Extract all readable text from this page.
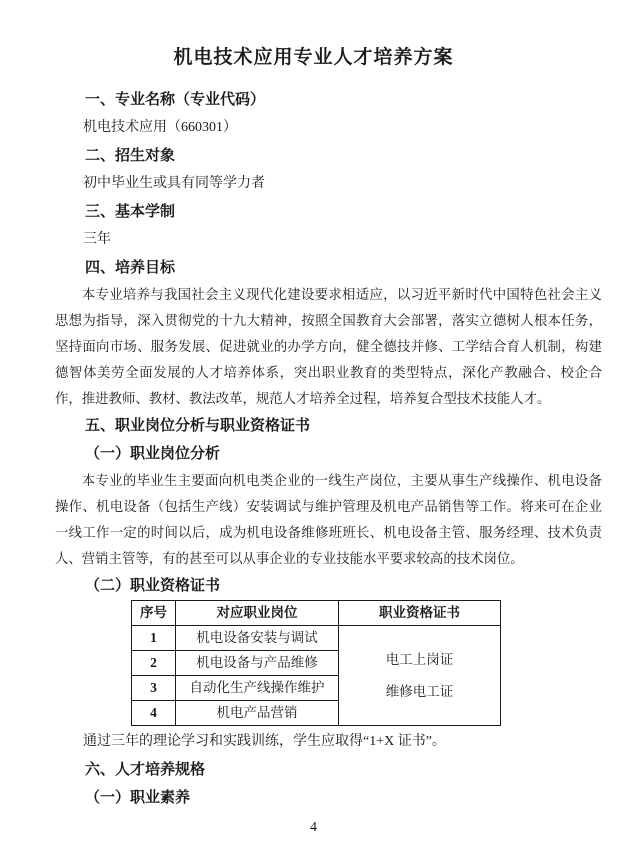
机电技术应用专业人才培养方案
一、专业名称（专业代码）

机电技术应用（660301）

二、招生对象

初中毕业生或具有同等学力者

三、基本学制

三年

四、培养目标

本专业培养与我国社会主义现代化建设要求相适应，以习近平新时代中国特色社会主义思想为指导，深入贯彻党的十九大精神，按照全国教育大会部署，落实立德树人根本任务，坚持面向市场、服务发展、促进就业的办学方向，健全德技并修、工学结合育人机制，构建德智体美劳全面发展的人才培养体系，突出职业教育的类型特点，深化产教融合、校企合作，推进教师、教材、教法改革，规范人才培养全过程，培养复合型技术技能人才。

五、职业岗位分析与职业资格证书
（一）职业岗位分析

本专业的毕业生主要面向机电类企业的一线生产岗位，主要从事生产线操作、机电设备操作、机电设备（包括生产线）安装调试与维护管理及机电产品销售等工作。将来可在企业一线工作一定的时间以后，成为机电设备维修班班长、机电设备主管、服务经理、技术负责人、营销主管等，有的甚至可以从事企业的专业技能水平要求较高的技术岗位。

（二）职业资格证书
序号	对应职业岗位	职业资格证书
1	机电设备安装与调试	电工上岗证
维修电工证

2	机电设备与产品维修	
3	自动化生产线操作维护	
4	机电产品营销	

通过三年的理论学习和实践训练，学生应取得“1+X 证书”。

六、人才培养规格
（一）职业素养
4
